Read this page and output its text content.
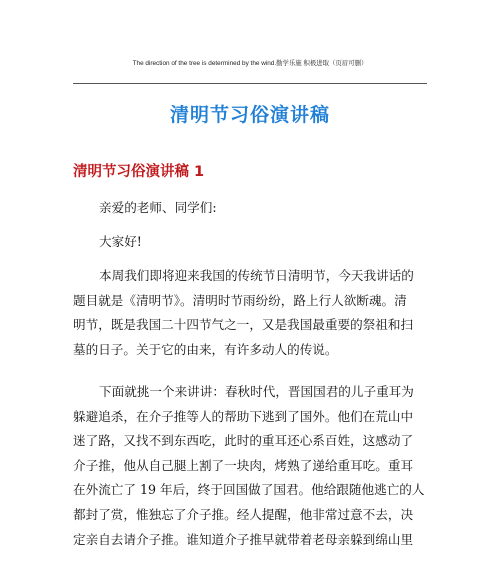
The direction of the tree is determined by the wind.勤学乐施 积极进取（页眉可删）
清明节习俗演讲稿
清明节习俗演讲稿 1
亲爱的老师、同学们:
大家好!
本周我们即将迎来我国的传统节日清明节，今天我讲话的
题目就是《清明节》。清明时节雨纷纷，路上行人欲断魂。清
明节，既是我国二十四节气之一，又是我国最重要的祭祖和扫
墓的日子。关于它的由来，有许多动人的传说。
下面就挑一个来讲讲：春秋时代，晋国国君的儿子重耳为
躲避追杀，在介子推等人的帮助下逃到了国外。他们在荒山中
迷了路，又找不到东西吃，此时的重耳还心系百姓，这感动了
介子推，他从自己腿上割了一块肉，烤熟了递给重耳吃。重耳
在外流亡了 19 年后，终于回国做了国君。他给跟随他逃亡的人
都封了赏，惟独忘了介子推。经人提醒，他非常过意不去，决
定亲自去请介子推。谁知道介子推早就带着老母亲躲到绵山里
